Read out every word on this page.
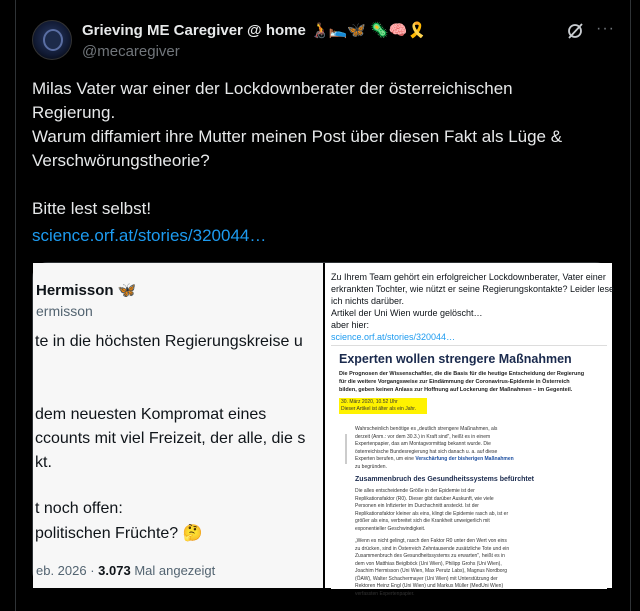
Grieving ME Caregiver @ home 🧑‍🦽🛌🦋 🦠🧠🎗️
@mecaregiver
···
Milas Vater war einer der Lockdownberater der österreichischen
Regierung.
Warum diffamiert ihre Mutter meinen Post über diesen Fakt als Lüge &
Verschwörungstheorie?
Bitte lest selbst!
science.orf.at/stories/320044…
Hermisson 🦋
ermisson
te in die höchsten Regierungskreise u
dem neuesten Kompromat eines
ccounts mit viel Freizeit, der alle, die s
kt.
t noch offen:
politischen Früchte? 🤔
eb. 2026 · 3.073 Mal angezeigt
Zu Ihrem Team gehört ein erfolgreicher Lockdownberater, Vater einer
erkrankten Tochter, wie nützt er seine Regierungskontakte? Leider lese
ich nichts darüber.
Artikel der Uni Wien wurde gelöscht…
aber hier:
science.orf.at/stories/320044…
Experten wollen strengere Maßnahmen
Die Prognosen der Wissenschaftler, die die Basis für die heutige Entscheidung der Regierung
für die weitere Vorgangsweise zur Eindämmung der Coronavirus-Epidemie in Österreich
bilden, geben keinen Anlass zur Hoffnung auf Lockerung der Maßnahmen – im Gegenteil.
30. März 2020, 10.52 Uhr
Dieser Artikel ist älter als ein Jahr.
Wahrscheinlich benötige es „deutlich strengere Maßnahmen, als
derzeit (Anm.: vor dem 30.3.) in Kraft sind", heißt es in einem
Expertenpapier, das am Montagvormittag bekannt wurde. Die
österreichische Bundesregierung hat sich danach u. a. auf diese
Experten berufen, um eine Verschärfung der bisherigen Maßnahmen
zu begründen.
Zusammenbruch des Gesundheitssystems befürchtet
Die alles entscheidende Größe in der Epidemie ist der
Replikationsfaktor (R0). Dieser gibt darüber Auskunft, wie viele
Personen ein Infizierter im Durchschnitt ansteckt. Ist der
Replikationsfaktor kleiner als eins, klingt die Epidemie rasch ab, ist er
größer als eins, verbreitet sich die Krankheit unweigerlich mit
exponentieller Geschwindigkeit.
„Wenn es nicht gelingt, rasch den Faktor R0 unter den Wert von eins
zu drücken, sind in Österreich Zehntausende zusätzliche Tote und ein
Zusammenbruch des Gesundheitssystems zu erwarten", heißt es in
dem von Matthias Beiglböck (Uni Wien), Philipp Grohs (Uni Wien),
Joachim Hermisson (Uni Wien, Max Perutz Labs), Magnus Nordborg
(ÖAW), Walter Schachermayer (Uni Wien) mit Unterstützung der
Rektoren Heinz Engl (Uni Wien) und Markus Müller (MedUni Wien)
verfassten Expertenpapier.
